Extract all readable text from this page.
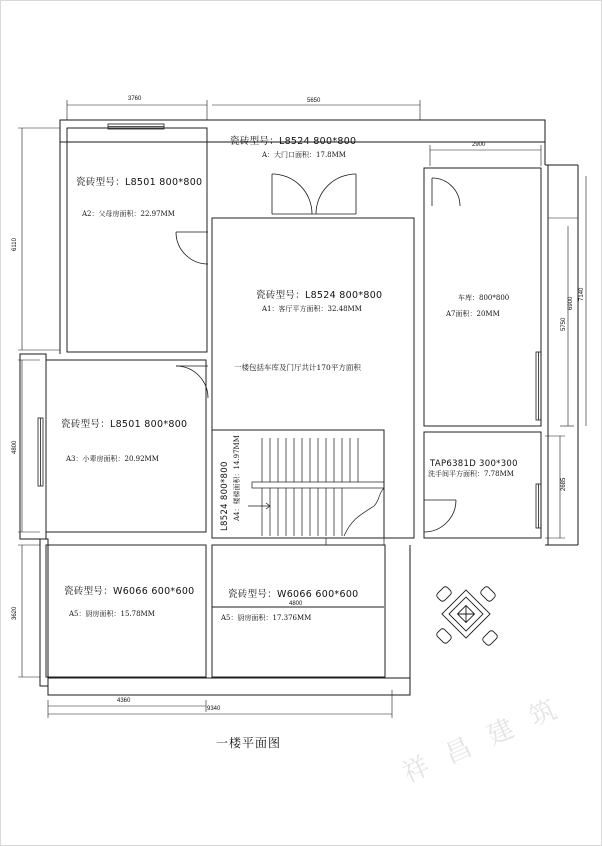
瓷砖型号：L8524 800*800
A：大门口面积：17.8MM
瓷砖型号：L8501 800*800
A2：父母房面积：22.97MM
瓷砖型号：L8524 800*800
A1：客厅平方面积：32.48MM
一楼包括车库及门厅共计170平方面积
车库：800*800
A7面积：20MM
瓷砖型号：L8501 800*800
A3：小辈房面积：20.92MM
L8524 800*800 A4：楼梯面积：14.97MM	TAP6381D 300*300
洗手间平方面积：7.78MM
瓷砖型号：W6066 600*600
A5：厨房面积：15.78MM
瓷砖型号：W6066 600*600
A5：厨房面积：17.376MM
3760	5650
2900
6110
4800
3620
5750
6900
7140
2685
4800
4360
9340
一楼平面图	祥 昌 建 筑
